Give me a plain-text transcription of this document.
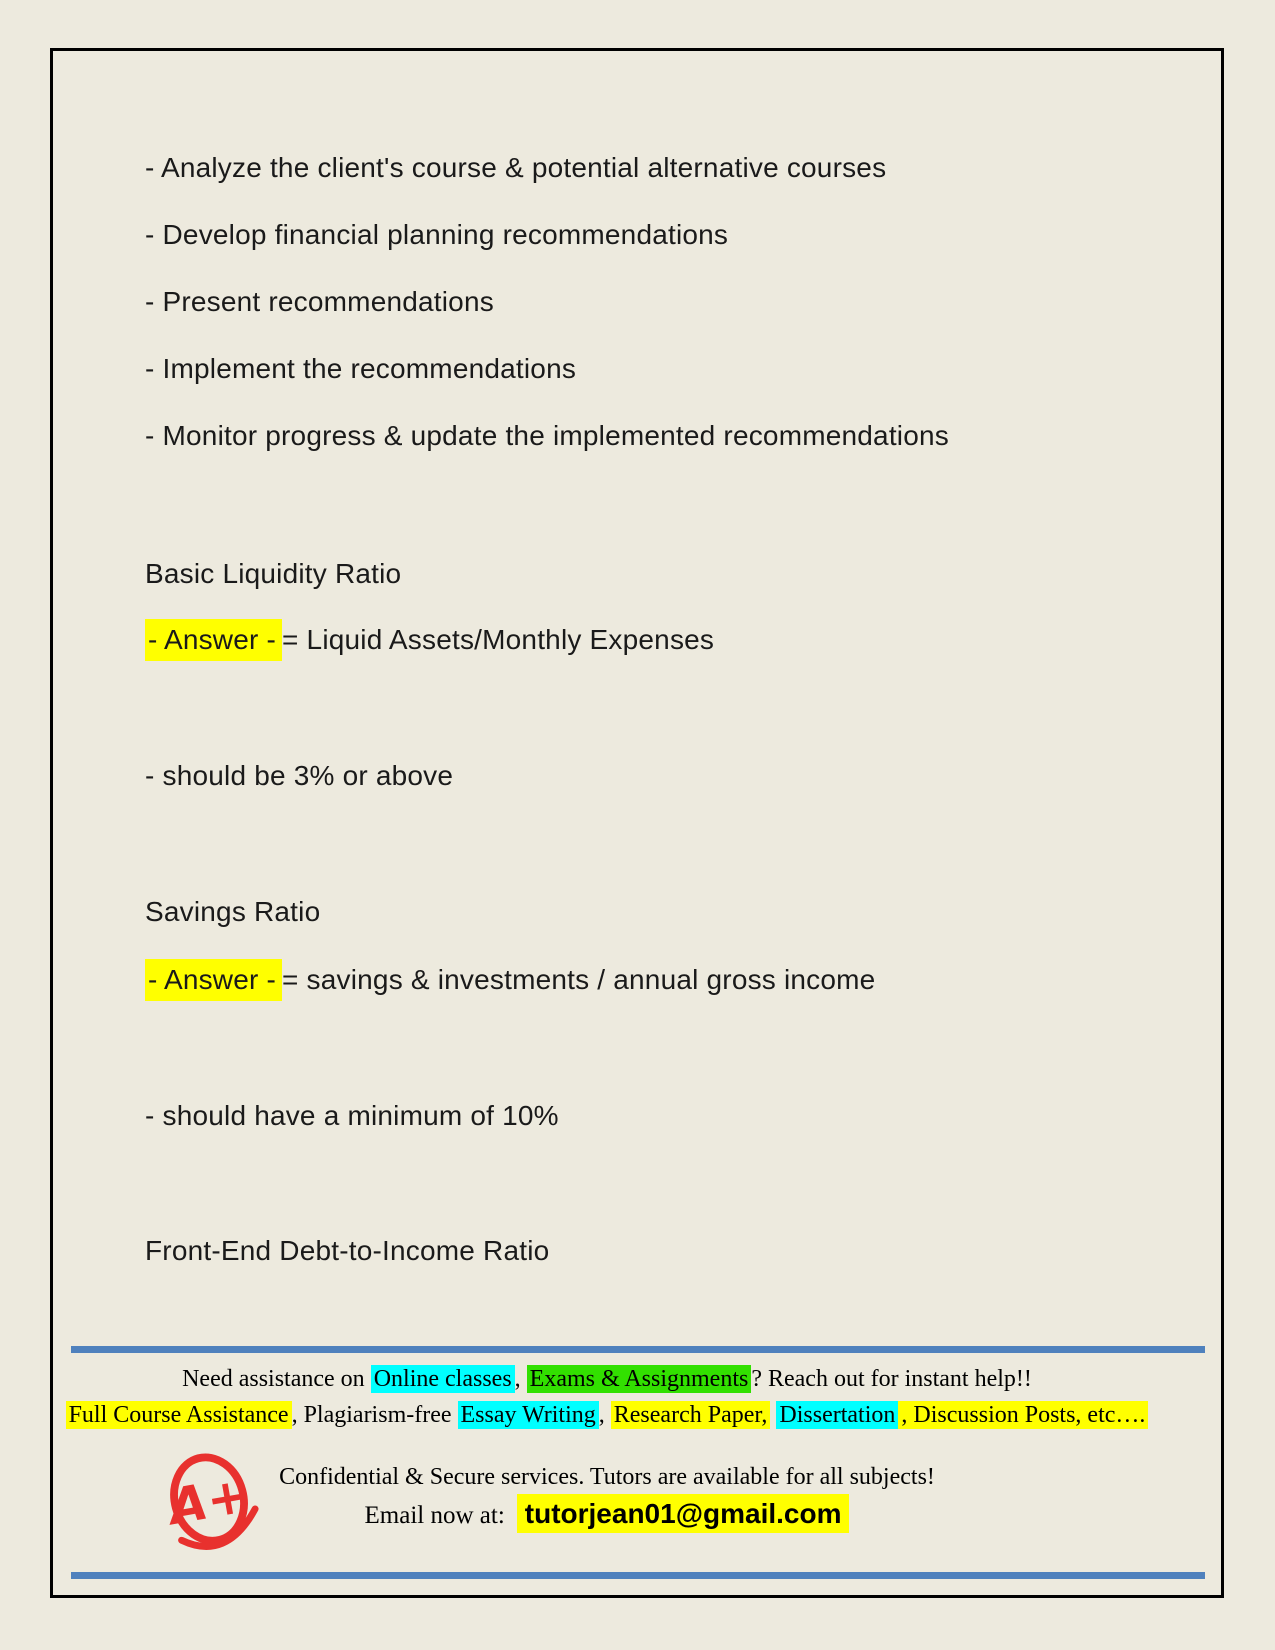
- Analyze the client's course & potential alternative courses
- Develop financial planning recommendations
- Present recommendations
- Implement the recommendations
- Monitor progress & update the implemented recommendations
Basic Liquidity Ratio
- Answer - = Liquid Assets/Monthly Expenses
- should be 3% or above
Savings Ratio
- Answer - = savings & investments / annual gross income
- should have a minimum of 10%
Front-End Debt-to-Income Ratio
Need assistance on Online classes , Exams & Assignments ? Reach out for instant help!!
Full Course Assistance , Plagiarism-free Essay Writing , Research Paper, Dissertation , Discussion Posts, etc….
A+	Confidential & Secure services. Tutors are available for all subjects!
Email now at: tutorjean01@gmail.com
